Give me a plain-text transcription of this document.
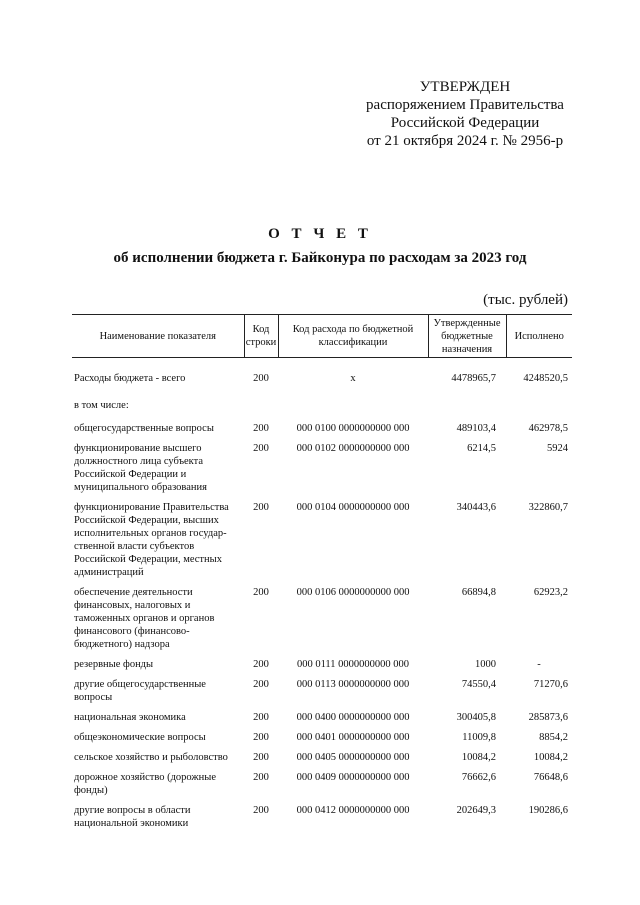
УТВЕРЖДЕН
распоряжением Правительства
Российской Федерации
от 21 октября 2024 г. № 2956-р
О Т Ч Е Т
об исполнении бюджета г. Байконура по расходам за 2023 год
(тыс. рублей)
Наименование показателя	Код строки	Код расхода по бюджетной классификации	Утвержденные бюджетные назначения	Исполнено

Расходы бюджета - всего	200	x	4478965,7	4248520,5
в том числе:				
общегосударственные вопросы	200	000 0100 0000000000 000	489103,4	462978,5
функционирование высшего должностного лица субъекта Российской Федерации и муниципального образования	200	000 0102 0000000000 000	6214,5	5924
функционирование Правительства Российской Федерации, высших исполнительных органов государ- ственной власти субъектов Российской Федерации, местных администраций	200	000 0104 0000000000 000	340443,6	322860,7
обеспечение деятельности финансовых, налоговых и таможенных органов и органов финансового (финансово- бюджетного) надзора	200	000 0106 0000000000 000	66894,8	62923,2
резервные фонды	200	000 0111 0000000000 000	1000	-
другие общегосударственные вопросы	200	000 0113 0000000000 000	74550,4	71270,6
национальная экономика	200	000 0400 0000000000 000	300405,8	285873,6
общеэкономические вопросы	200	000 0401 0000000000 000	11009,8	8854,2
сельское хозяйство и рыболовство	200	000 0405 0000000000 000	10084,2	10084,2
дорожное хозяйство (дорожные фонды)	200	000 0409 0000000000 000	76662,6	76648,6
другие вопросы в области национальной экономики	200	000 0412 0000000000 000	202649,3	190286,6
